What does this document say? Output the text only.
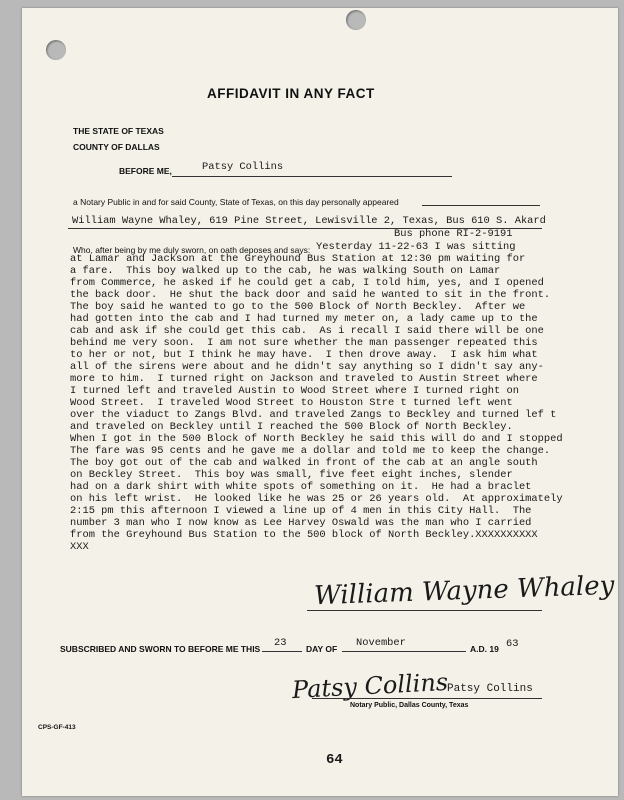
AFFIDAVIT IN ANY FACT
THE STATE OF TEXAS
COUNTY OF DALLAS
BEFORE ME,	Patsy Collins
a Notary Public in and for said County, State of Texas, on this day personally appeared
William Wayne Whaley, 619 Pine Street, Lewisville 2, Texas, Bus 610 S. Akard
Bus phone RI-2-9191
Who, after being by me duly sworn, on oath deposes and says: Yesterday 11-22-63 I was sitting
at Lamar and Jackson at the Greyhound Bus Station at 12:30 pm waiting for
a fare.  This boy walked up to the cab, he was walking South on Lamar
from Commerce, he asked if he could get a cab, I told him, yes, and I opened
the back door.  He shut the back door and said he wanted to sit in the front.
The boy said he wanted to go to the 500 Block of North Beckley.  After we
had gotten into the cab and I had turned my meter on, a lady came up to the
cab and ask if she could get this cab.  As i recall I said there will be one
behind me very soon.  I am not sure whether the man passenger repeated this
to her or not, but I think he may have.  I then drove away.  I ask him what
all of the sirens were about and he didn't say anything so I didn't say any-
more to him.  I turned right on Jackson and traveled to Austin Street where
I turned left and traveled Austin to Wood Street where I turned right on
Wood Street.  I traveled Wood Street to Houston Stre t turned left went
over the viaduct to Zangs Blvd. and traveled Zangs to Beckley and turned lef t
and traveled on Beckley until I reached the 500 Block of North Beckley.
When I got in the 500 Block of North Beckley he said this will do and I stopped
The fare was 95 cents and he gave me a dollar and told me to keep the change.
The boy got out of the cab and walked in front of the cab at an angle south
on Beckley Street.  This boy was small, five feet eight inches, slender
had on a dark shirt with white spots of something on it.  He had a braclet
on his left wrist.  He looked like he was 25 or 26 years old.  At approximately
2:15 pm this afternoon I viewed a line up of 4 men in this City Hall.  The
number 3 man who I now know as Lee Harvey Oswald was the man who I carried
from the Greyhound Bus Station to the 500 block of North Beckley.XXXXXXXXXX
XXX
William Wayne Whaley
SUBSCRIBED AND SWORN TO BEFORE ME THIS 23 DAY OF November	A.D. 19 63
Patsy Collins
Patsy Collins
Notary Public, Dallas County, Texas
CPS-GF-413
64
